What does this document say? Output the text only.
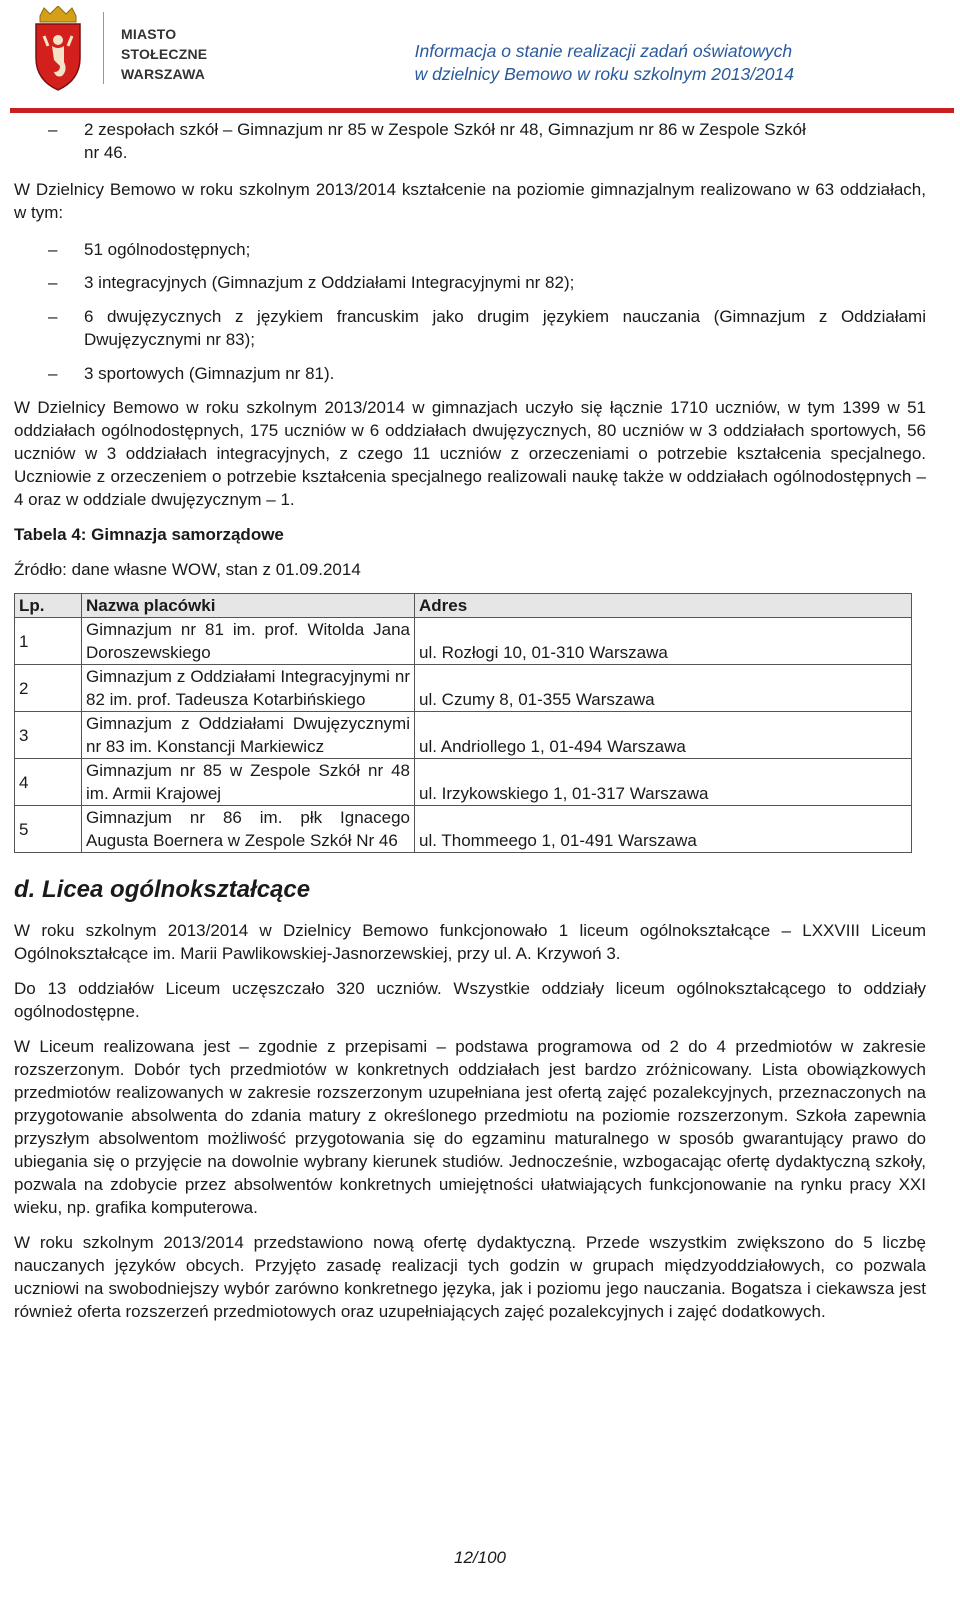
MIASTO
STOŁECZNE
WARSZAWA
Informacja o stanie realizacji zadań oświatowych
w dzielnicy Bemowo w roku szkolnym 2013/2014
– 2 zespołach szkół – Gimnazjum nr 85 w Zespole Szkół nr 48, Gimnazjum nr 86 w Zespole Szkół
nr 46.

W Dzielnicy Bemowo w roku szkolnym 2013/2014 kształcenie na poziomie gimnazjalnym realizowano w 63 oddziałach, w tym:

– 51 ogólnodostępnych;
– 3 integracyjnych (Gimnazjum z Oddziałami Integracyjnymi nr 82);
– 6 dwujęzycznych z językiem francuskim jako drugim językiem nauczania (Gimnazjum z Oddziałami Dwujęzycznymi nr 83);
– 3 sportowych (Gimnazjum nr 81).

W Dzielnicy Bemowo w roku szkolnym 2013/2014 w gimnazjach uczyło się łącznie 1710 uczniów, w tym 1399 w 51 oddziałach ogólnodostępnych, 175 uczniów w 6 oddziałach dwujęzycznych, 80 uczniów w 3 oddziałach sportowych, 56 uczniów w 3 oddziałach integracyjnych, z czego 11 uczniów z orzeczeniami o potrzebie kształcenia specjalnego. Uczniowie z orzeczeniem o potrzebie kształcenia specjalnego realizowali naukę także w oddziałach ogólnodostępnych – 4 oraz w oddziale dwujęzycznym – 1.

Tabela 4: Gimnazja samorządowe

Źródło: dane własne WOW, stan z 01.09.2014

Lp.	Nazwa placówki	Adres
1	Gimnazjum nr 81 im. prof. Witolda Jana Doroszewskiego	ul. Rozłogi 10, 01-310 Warszawa
2	Gimnazjum z Oddziałami Integracyjnymi nr 82 im. prof. Tadeusza Kotarbińskiego	ul. Czumy 8, 01-355 Warszawa
3	Gimnazjum z Oddziałami Dwujęzycznymi nr 83 im. Konstancji Markiewicz	ul. Andriollego 1, 01-494 Warszawa
4	Gimnazjum nr 85 w Zespole Szkół nr 48 im. Armii Krajowej	ul. Irzykowskiego 1, 01-317 Warszawa
5	Gimnazjum nr 86 im. płk Ignacego Augusta Boernera w Zespole Szkół Nr 46	ul. Thommeego 1, 01-491 Warszawa
d. Licea ogólnokształcące

W roku szkolnym 2013/2014 w Dzielnicy Bemowo funkcjonowało 1 liceum ogólnokształcące – LXXVIII Liceum Ogólnokształcące im. Marii Pawlikowskiej-Jasnorzewskiej, przy ul. A. Krzywoń 3.

Do 13 oddziałów Liceum uczęszczało 320 uczniów. Wszystkie oddziały liceum ogólnokształcącego to oddziały ogólnodostępne.

W Liceum realizowana jest – zgodnie z przepisami – podstawa programowa od 2 do 4 przedmiotów w zakresie rozszerzonym. Dobór tych przedmiotów w konkretnych oddziałach jest bardzo zróżnicowany. Lista obowiązkowych przedmiotów realizowanych w zakresie rozszerzonym uzupełniana jest ofertą zajęć pozalekcyjnych, przeznaczonych na przygotowanie absolwenta do zdania matury z określonego przedmiotu na poziomie rozszerzonym. Szkoła zapewnia przyszłym absolwentom możliwość przygotowania się do egzaminu maturalnego w sposób gwarantujący prawo do ubiegania się o przyjęcie na dowolnie wybrany kierunek studiów. Jednocześnie, wzbogacając ofertę dydaktyczną szkoły, pozwala na zdobycie przez absolwentów konkretnych umiejętności ułatwiających funkcjonowanie na rynku pracy XXI wieku, np. grafika komputerowa.

W roku szkolnym 2013/2014 przedstawiono nową ofertę dydaktyczną. Przede wszystkim zwiększono do 5 liczbę nauczanych języków obcych. Przyjęto zasadę realizacji tych godzin w grupach międzyoddziałowych, co pozwala uczniowi na swobodniejszy wybór zarówno konkretnego języka, jak i poziomu jego nauczania. Bogatsza i ciekawsza jest również oferta rozszerzeń przedmiotowych oraz uzupełniających zajęć pozalekcyjnych i zajęć dodatkowych.

12/100
